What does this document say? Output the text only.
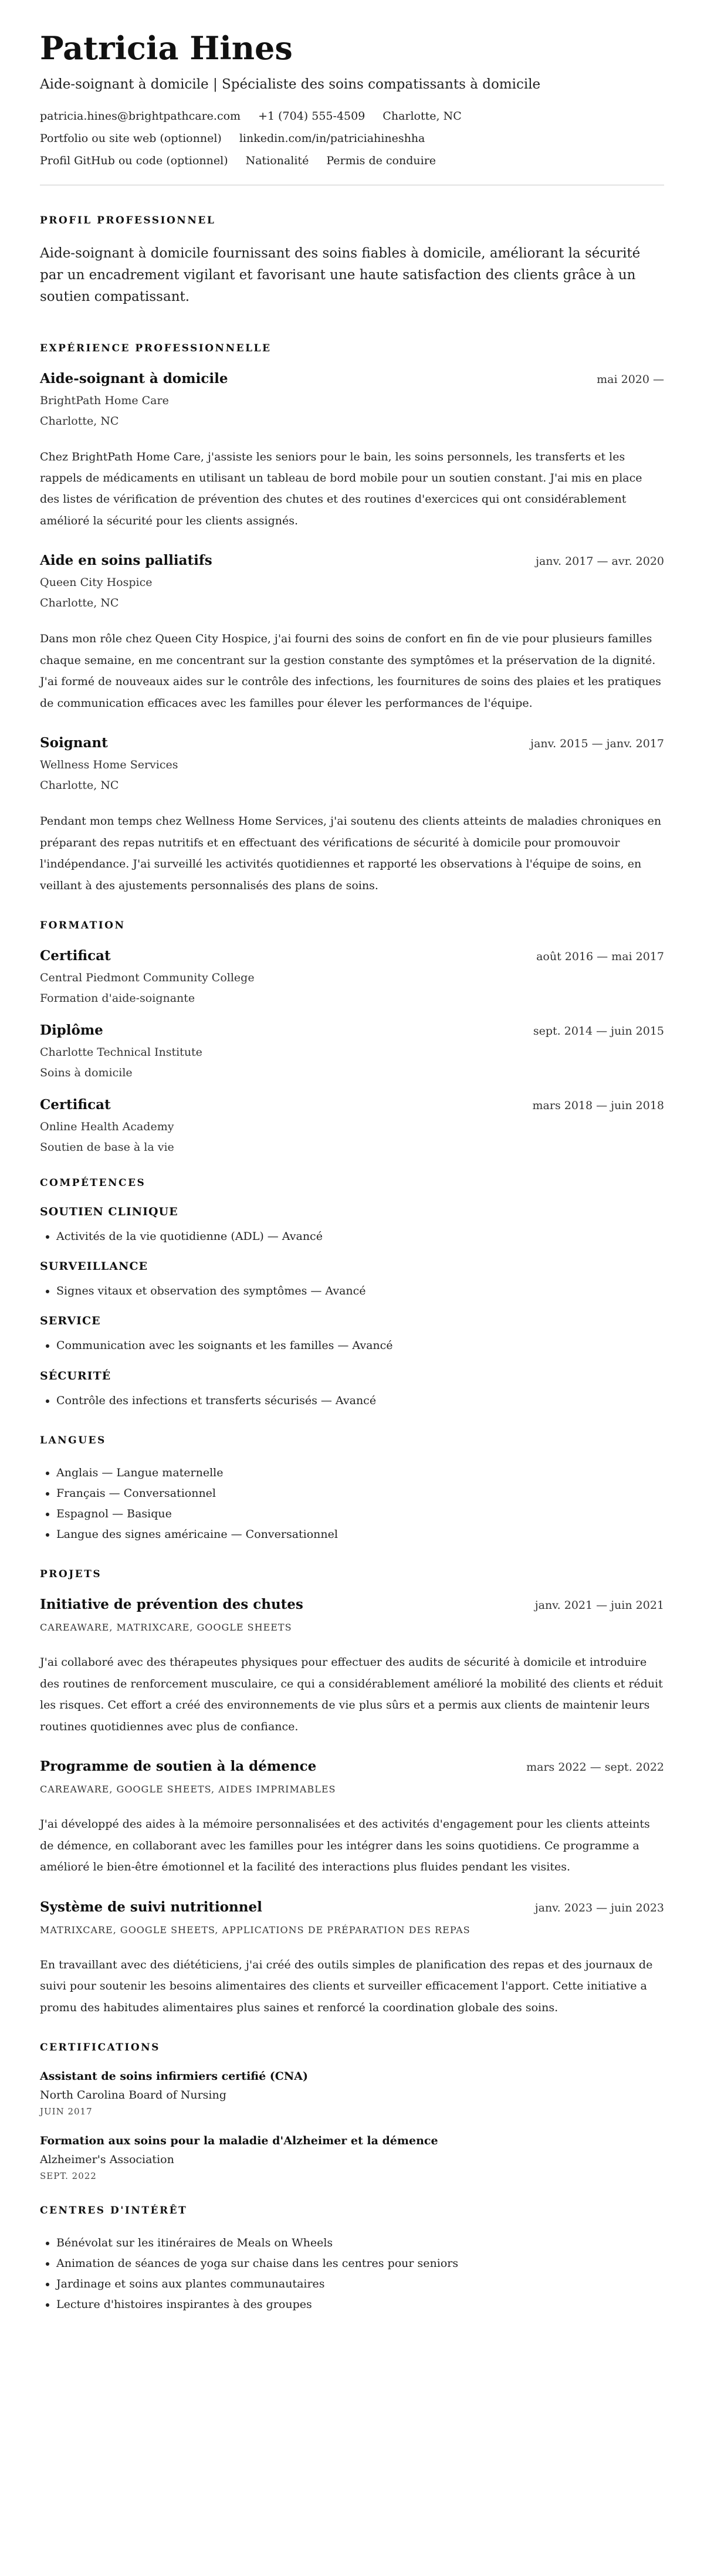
Patricia Hines
Aide-soignant à domicile | Spécialiste des soins compatissants à domicile
patricia.hines@brightpathcare.com +1 (704) 555-4509 Charlotte, NC
Portfolio ou site web (optionnel) linkedin.com/in/patriciahineshha
Profil GitHub ou code (optionnel) Nationalité Permis de conduire
PROFIL PROFESSIONNEL

Aide-soignant à domicile fournissant des soins fiables à domicile, améliorant la sécurité par un encadrement vigilant et favorisant une haute satisfaction des clients grâce à un soutien compatissant.

EXPÉRIENCE PROFESSIONNELLE
Aide-soignant à domicile	mai 2020 —
BrightPath Home Care
Charlotte, NC
Chez BrightPath Home Care, j'assiste les seniors pour le bain, les soins personnels, les transferts et les rappels de médicaments en utilisant un tableau de bord mobile pour un soutien constant. J'ai mis en place des listes de vérification de prévention des chutes et des routines d'exercices qui ont considérablement amélioré la sécurité pour les clients assignés.
Aide en soins palliatifs	janv. 2017 — avr. 2020
Queen City Hospice
Charlotte, NC
Dans mon rôle chez Queen City Hospice, j'ai fourni des soins de confort en fin de vie pour plusieurs familles chaque semaine, en me concentrant sur la gestion constante des symptômes et la préservation de la dignité. J'ai formé de nouveaux aides sur le contrôle des infections, les fournitures de soins des plaies et les pratiques de communication efficaces avec les familles pour élever les performances de l'équipe.
Soignant	janv. 2015 — janv. 2017
Wellness Home Services
Charlotte, NC
Pendant mon temps chez Wellness Home Services, j'ai soutenu des clients atteints de maladies chroniques en préparant des repas nutritifs et en effectuant des vérifications de sécurité à domicile pour promouvoir l'indépendance. J'ai surveillé les activités quotidiennes et rapporté les observations à l'équipe de soins, en veillant à des ajustements personnalisés des plans de soins.
FORMATION
Certificat	août 2016 — mai 2017
Central Piedmont Community College
Formation d'aide-soignante
Diplôme	sept. 2014 — juin 2015
Charlotte Technical Institute
Soins à domicile
Certificat	mars 2018 — juin 2018
Online Health Academy
Soutien de base à la vie
COMPÉTENCES
SOUTIEN CLINIQUE
• Activités de la vie quotidienne (ADL) — Avancé
SURVEILLANCE
• Signes vitaux et observation des symptômes — Avancé
SERVICE
• Communication avec les soignants et les familles — Avancé
SÉCURITÉ
• Contrôle des infections et transferts sécurisés — Avancé
LANGUES
• Anglais — Langue maternelle
• Français — Conversationnel
• Espagnol — Basique
• Langue des signes américaine — Conversationnel
PROJETS
Initiative de prévention des chutes	janv. 2021 — juin 2021
CAREAWARE, MATRIXCARE, GOOGLE SHEETS
J'ai collaboré avec des thérapeutes physiques pour effectuer des audits de sécurité à domicile et introduire des routines de renforcement musculaire, ce qui a considérablement amélioré la mobilité des clients et réduit les risques. Cet effort a créé des environnements de vie plus sûrs et a permis aux clients de maintenir leurs routines quotidiennes avec plus de confiance.
Programme de soutien à la démence	mars 2022 — sept. 2022
CAREAWARE, GOOGLE SHEETS, AIDES IMPRIMABLES
J'ai développé des aides à la mémoire personnalisées et des activités d'engagement pour les clients atteints de démence, en collaborant avec les familles pour les intégrer dans les soins quotidiens. Ce programme a amélioré le bien-être émotionnel et la facilité des interactions plus fluides pendant les visites.
Système de suivi nutritionnel	janv. 2023 — juin 2023
MATRIXCARE, GOOGLE SHEETS, APPLICATIONS DE PRÉPARATION DES REPAS
En travaillant avec des diététiciens, j'ai créé des outils simples de planification des repas et des journaux de suivi pour soutenir les besoins alimentaires des clients et surveiller efficacement l'apport. Cette initiative a promu des habitudes alimentaires plus saines et renforcé la coordination globale des soins.
CERTIFICATIONS
Assistant de soins infirmiers certifié (CNA)
North Carolina Board of Nursing
JUIN 2017
Formation aux soins pour la maladie d'Alzheimer et la démence
Alzheimer's Association
SEPT. 2022
CENTRES D'INTÉRÊT
• Bénévolat sur les itinéraires de Meals on Wheels
• Animation de séances de yoga sur chaise dans les centres pour seniors
• Jardinage et soins aux plantes communautaires
• Lecture d'histoires inspirantes à des groupes
